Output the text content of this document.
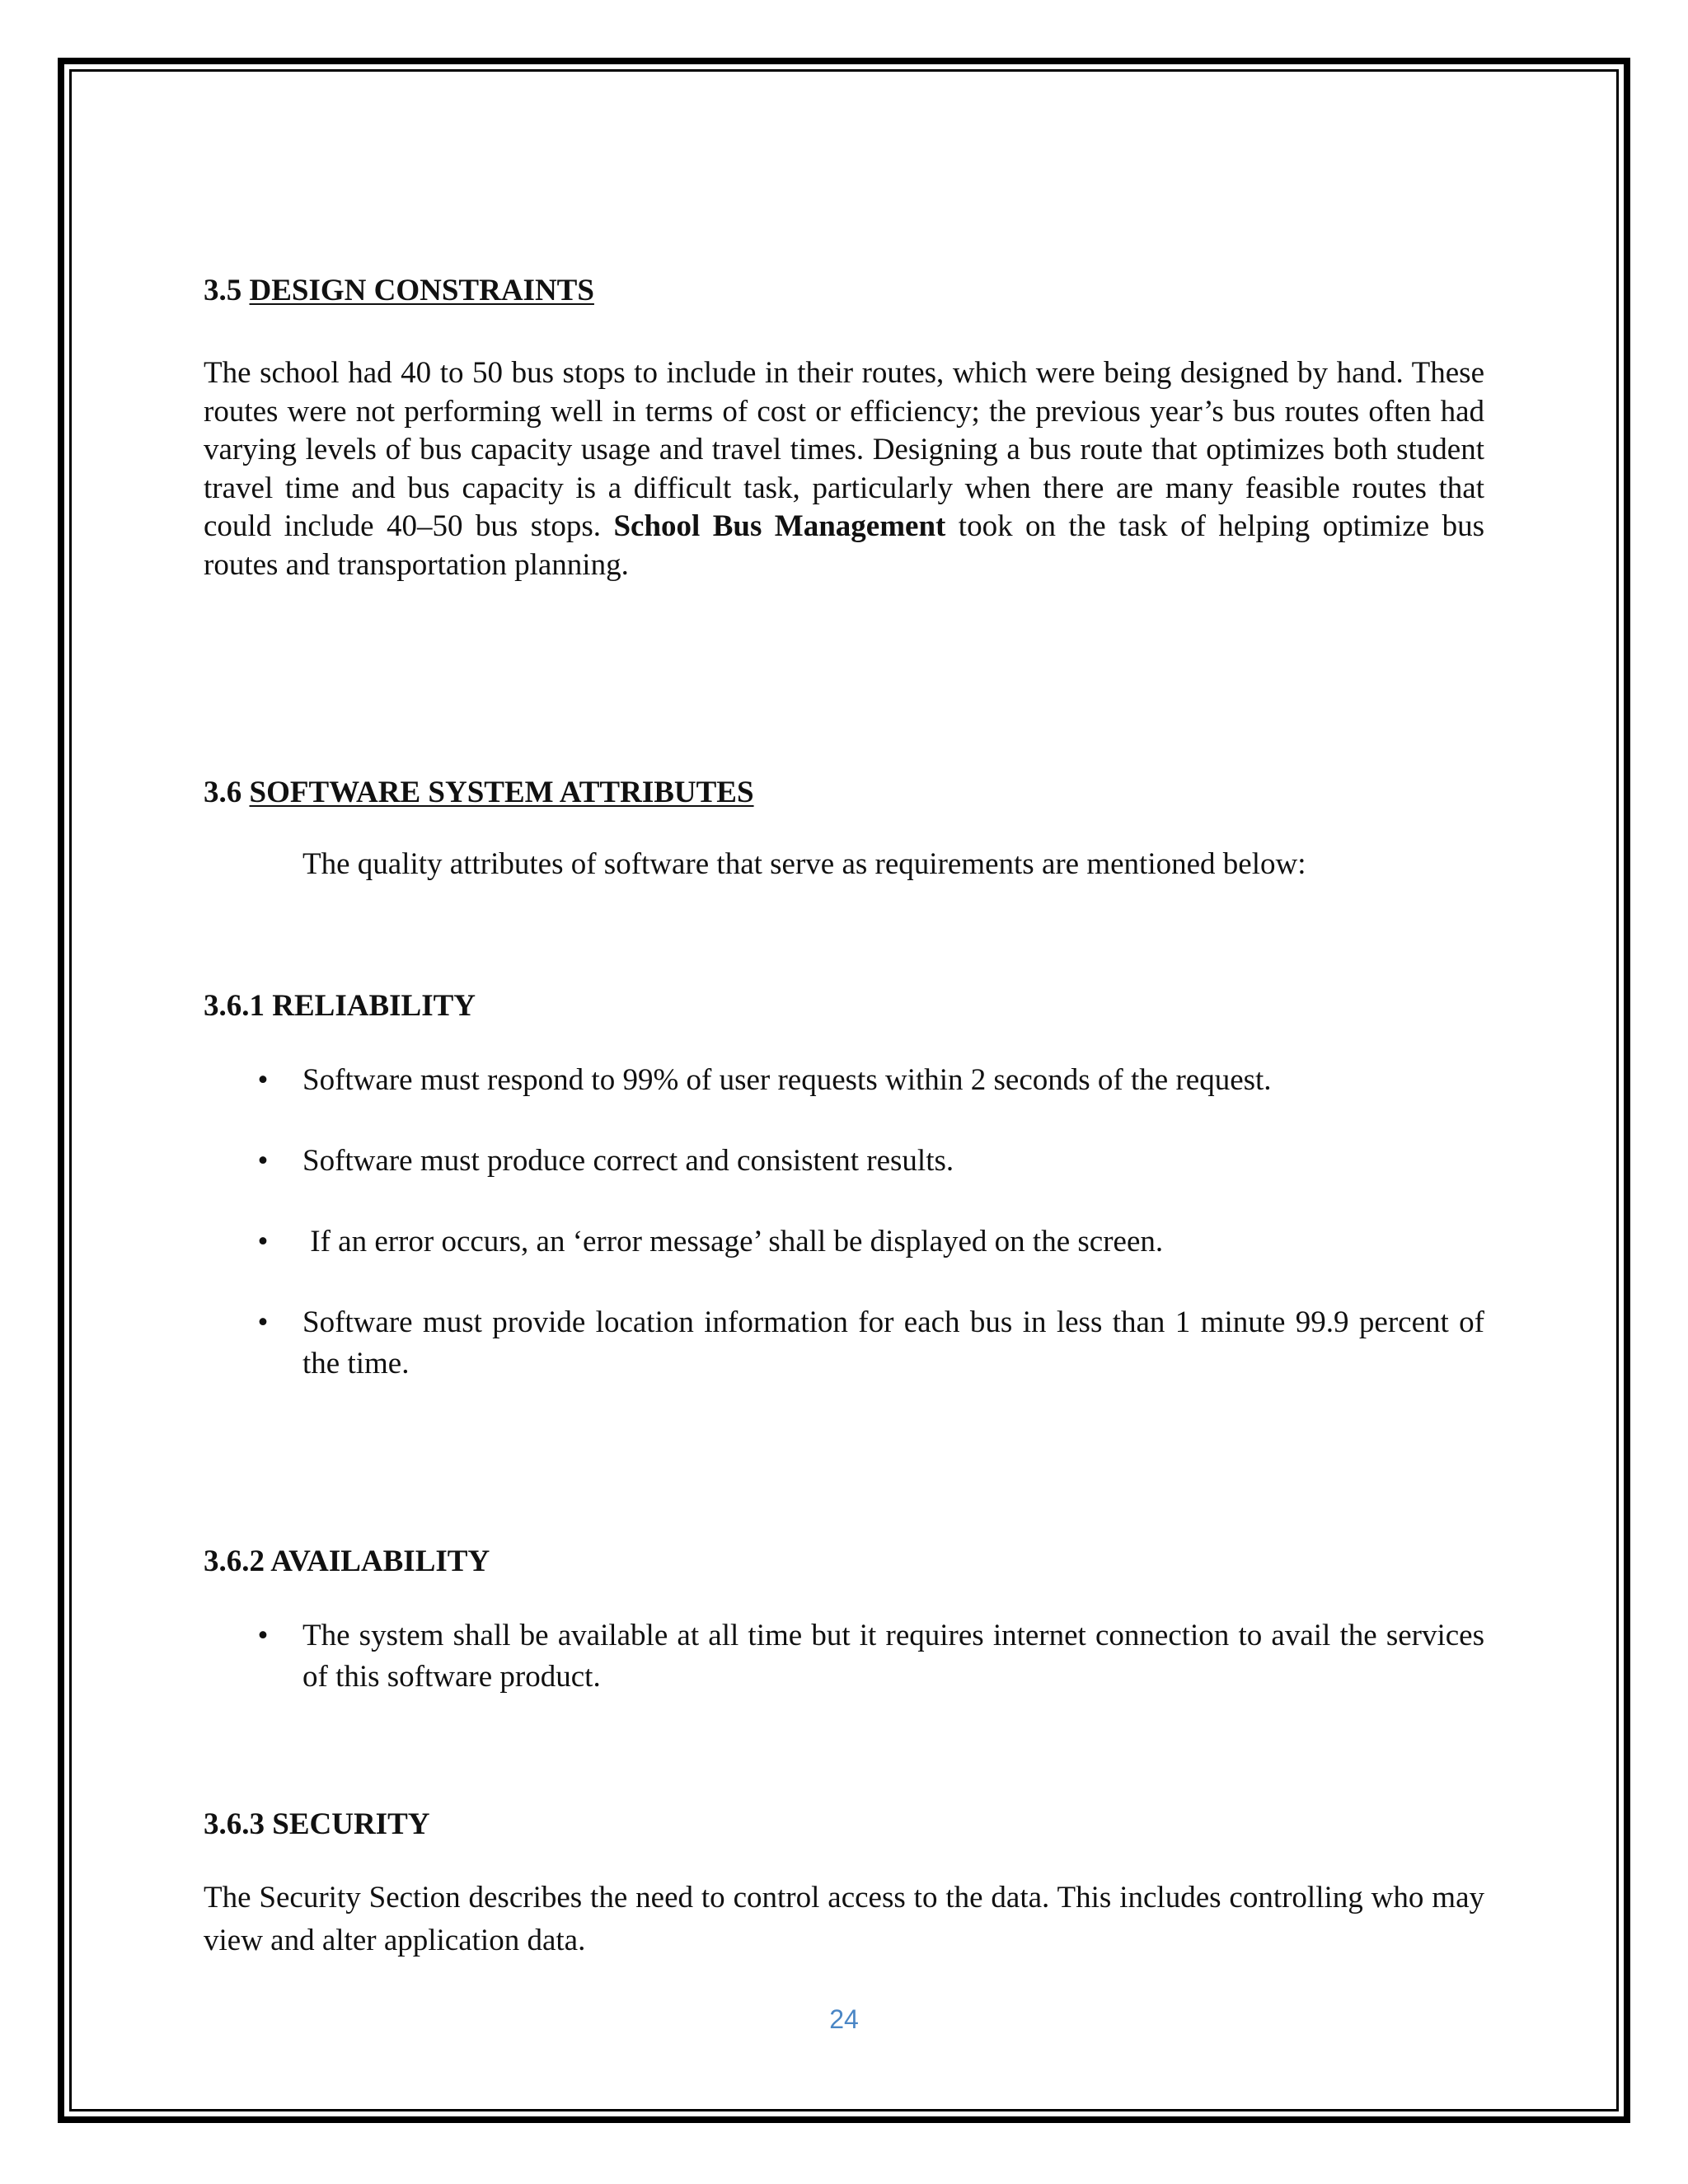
3.5 DESIGN CONSTRAINTS
The school had 40 to 50 bus stops to include in their routes, which were being designed by hand. These routes were not performing well in terms of cost or efficiency; the previous year’s bus routes often had varying levels of bus capacity usage and travel times. Designing a bus route that optimizes both student travel time and bus capacity is a difficult task, particularly when there are many feasible routes that could include 40–50 bus stops. School Bus Management took on the task of helping optimize bus routes and transportation planning.
3.6 SOFTWARE SYSTEM ATTRIBUTES
The quality attributes of software that serve as requirements are mentioned below:
3.6.1 RELIABILITY
• Software must respond to 99% of user requests within 2 seconds of the request.
• Software must produce correct and consistent results.
• If an error occurs, an ‘error message’ shall be displayed on the screen.
• Software must provide location information for each bus in less than 1 minute 99.9 percent of the time.
3.6.2 AVAILABILITY
• The system shall be available at all time but it requires internet connection to avail the services of this software product.
3.6.3 SECURITY
The Security Section describes the need to control access to the data. This includes controlling who may view and alter application data.
24
